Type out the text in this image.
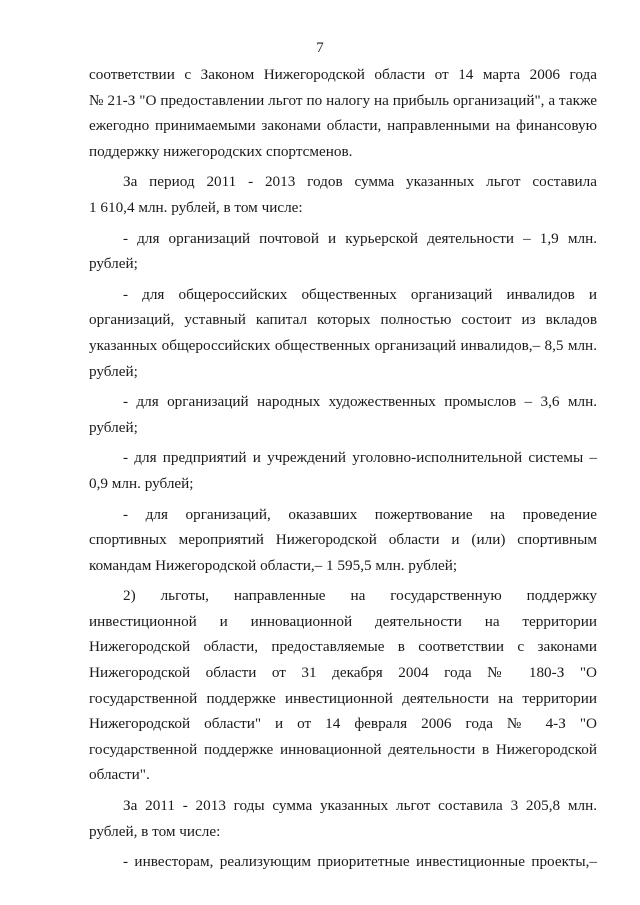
7
соответствии с Законом Нижегородской области от 14 марта 2006 года
№ 21-З "О предоставлении льгот по налогу на прибыль организаций", а также
ежегодно принимаемыми законами области, направленными на финансовую
поддержку нижегородских спортсменов.
За период 2011 - 2013 годов сумма указанных льгот составила
1 610,4 млн. рублей, в том числе:
- для организаций почтовой и курьерской деятельности – 1,9 млн.
рублей;
- для общероссийских общественных организаций инвалидов и
организаций, уставный капитал которых полностью состоит из вкладов
указанных общероссийских общественных организаций инвалидов,– 8,5 млн.
рублей;
- для организаций народных художественных промыслов – 3,6 млн.
рублей;
- для предприятий и учреждений уголовно-исполнительной системы –
0,9 млн. рублей;
- для организаций, оказавших пожертвование на проведение
спортивных мероприятий Нижегородской области и (или) спортивным
командам Нижегородской области,– 1 595,5 млн. рублей;
2) льготы, направленные на государственную поддержку
инвестиционной и инновационной деятельности на территории
Нижегородской области, предоставляемые в соответствии с законами
Нижегородской области от 31 декабря 2004 года № 180-З "О
государственной поддержке инвестиционной деятельности на территории
Нижегородской области" и от 14 февраля 2006 года № 4-З "О
государственной поддержке инновационной деятельности в Нижегородской
области".
За 2011 - 2013 годы сумма указанных льгот составила 3 205,8 млн.
рублей, в том числе:
- инвесторам, реализующим приоритетные инвестиционные проекты,–
